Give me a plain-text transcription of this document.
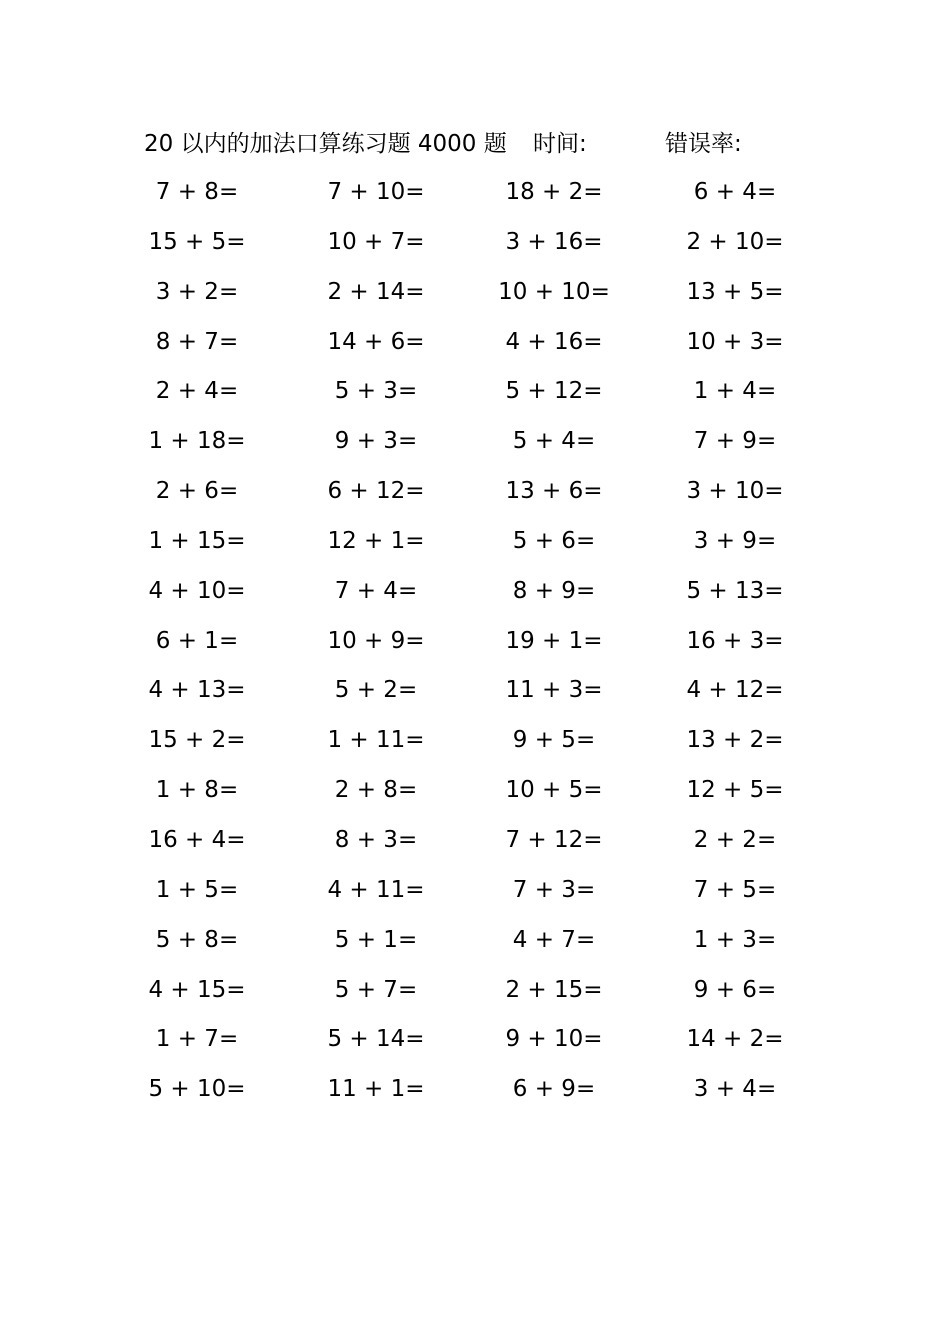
20 以内的加法口算练习题 4000 题 时间:	错误率:
7 + 8=	7 + 10=	18 + 2=	6 + 4=
15 + 5=	10 + 7=	3 + 16=	2 + 10=
3 + 2=	2 + 14=	10 + 10=	13 + 5=
8 + 7=	14 + 6=	4 + 16=	10 + 3=
2 + 4=	5 + 3=	5 + 12=	1 + 4=
1 + 18=	9 + 3=	5 + 4=	7 + 9=
2 + 6=	6 + 12=	13 + 6=	3 + 10=
1 + 15=	12 + 1=	5 + 6=	3 + 9=
4 + 10=	7 + 4=	8 + 9=	5 + 13=
6 + 1=	10 + 9=	19 + 1=	16 + 3=
4 + 13=	5 + 2=	11 + 3=	4 + 12=
15 + 2=	1 + 11=	9 + 5=	13 + 2=
1 + 8=	2 + 8=	10 + 5=	12 + 5=
16 + 4=	8 + 3=	7 + 12=	2 + 2=
1 + 5=	4 + 11=	7 + 3=	7 + 5=
5 + 8=	5 + 1=	4 + 7=	1 + 3=
4 + 15=	5 + 7=	2 + 15=	9 + 6=
1 + 7=	5 + 14=	9 + 10=	14 + 2=
5 + 10=	11 + 1=	6 + 9=	3 + 4=
